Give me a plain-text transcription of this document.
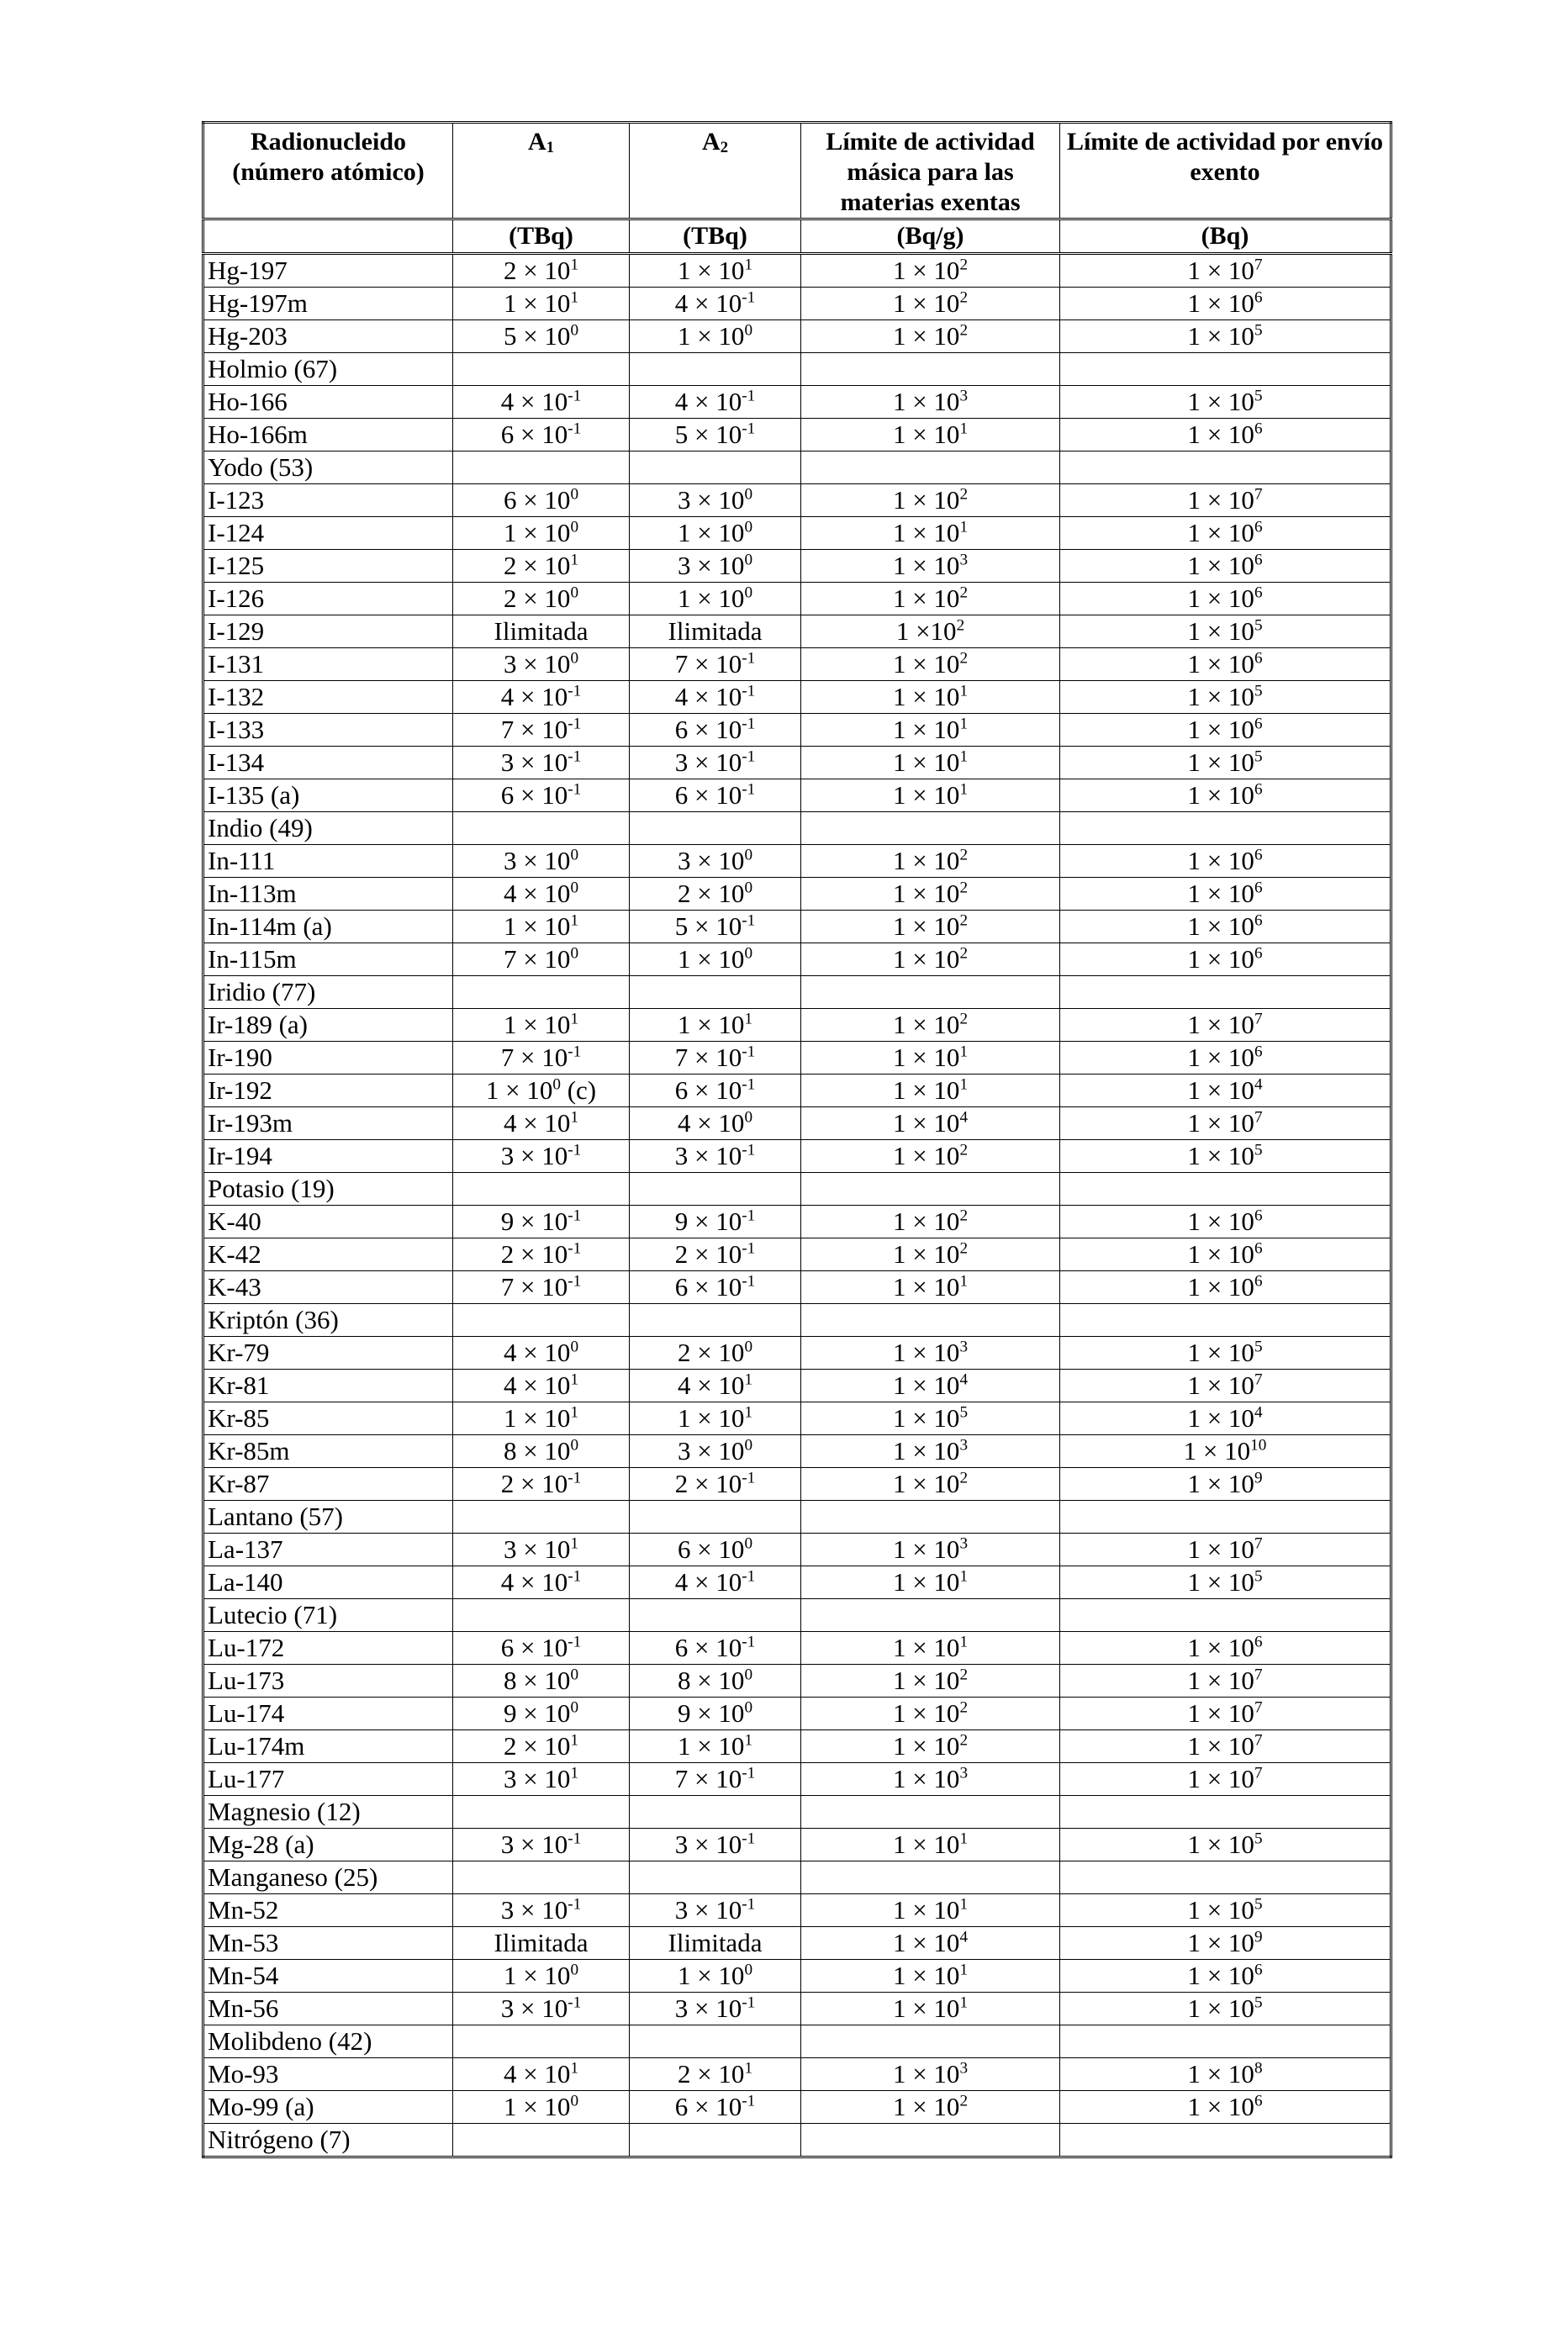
Radionucleido (número atómico)	A1	A2	Límite de actividad másica para las materias exentas	Límite de actividad por envío exento
	(TBq)	(TBq)	(Bq/g)	(Bq)
Hg-197	$2 \times 10^1$	$1 \times 10^1$	$1 \times 10^2$	$1 \times 10^7$
Hg-197m	$1 \times 10^1$	$4 \times 10^{-1}$	$1 \times 10^2$	$1 \times 10^6$
Hg-203	$5 \times 10^0$	$1 \times 10^0$	$1 \times 10^2$	$1 \times 10^5$
Holmio (67)				
Ho-166	$4 \times 10^{-1}$	$4 \times 10^{-1}$	$1 \times 10^3$	$1 \times 10^5$
Ho-166m	$6 \times 10^{-1}$	$5 \times 10^{-1}$	$1 \times 10^1$	$1 \times 10^6$
Yodo (53)				
I-123	$6 \times 10^0$	$3 \times 10^0$	$1 \times 10^2$	$1 \times 10^7$
I-124	$1 \times 10^0$	$1 \times 10^0$	$1 \times 10^1$	$1 \times 10^6$
I-125	$2 \times 10^1$	$3 \times 10^0$	$1 \times 10^3$	$1 \times 10^6$
I-126	$2 \times 10^0$	$1 \times 10^0$	$1 \times 10^2$	$1 \times 10^6$
I-129	Ilimitada	Ilimitada	$1 \times 10^2$	$1 \times 10^5$
I-131	$3 \times 10^0$	$7 \times 10^{-1}$	$1 \times 10^2$	$1 \times 10^6$
I-132	$4 \times 10^{-1}$	$4 \times 10^{-1}$	$1 \times 10^1$	$1 \times 10^5$
I-133	$7 \times 10^{-1}$	$6 \times 10^{-1}$	$1 \times 10^1$	$1 \times 10^6$
I-134	$3 \times 10^{-1}$	$3 \times 10^{-1}$	$1 \times 10^1$	$1 \times 10^5$
I-135 (a)	$6 \times 10^{-1}$	$6 \times 10^{-1}$	$1 \times 10^1$	$1 \times 10^6$
Indio (49)				
In-111	$3 \times 10^0$	$3 \times 10^0$	$1 \times 10^2$	$1 \times 10^6$
In-113m	$4 \times 10^0$	$2 \times 10^0$	$1 \times 10^2$	$1 \times 10^6$
In-114m (a)	$1 \times 10^1$	$5 \times 10^{-1}$	$1 \times 10^2$	$1 \times 10^6$
In-115m	$7 \times 10^0$	$1 \times 10^0$	$1 \times 10^2$	$1 \times 10^6$
Iridio (77)				
Ir-189 (a)	$1 \times 10^1$	$1 \times 10^1$	$1 \times 10^2$	$1 \times 10^7$
Ir-190	$7 \times 10^{-1}$	$7 \times 10^{-1}$	$1 \times 10^1$	$1 \times 10^6$
Ir-192	$1 \times 10^0$ (c)	$6 \times 10^{-1}$	$1 \times 10^1$	$1 \times 10^4$
Ir-193m	$4 \times 10^1$	$4 \times 10^0$	$1 \times 10^4$	$1 \times 10^7$
Ir-194	$3 \times 10^{-1}$	$3 \times 10^{-1}$	$1 \times 10^2$	$1 \times 10^5$
Potasio (19)				
K-40	$9 \times 10^{-1}$	$9 \times 10^{-1}$	$1 \times 10^2$	$1 \times 10^6$
K-42	$2 \times 10^{-1}$	$2 \times 10^{-1}$	$1 \times 10^2$	$1 \times 10^6$
K-43	$7 \times 10^{-1}$	$6 \times 10^{-1}$	$1 \times 10^1$	$1 \times 10^6$
Kriptón (36)				
Kr-79	$4 \times 10^0$	$2 \times 10^0$	$1 \times 10^3$	$1 \times 10^5$
Kr-81	$4 \times 10^1$	$4 \times 10^1$	$1 \times 10^4$	$1 \times 10^7$
Kr-85	$1 \times 10^1$	$1 \times 10^1$	$1 \times 10^5$	$1 \times 10^4$
Kr-85m	$8 \times 10^0$	$3 \times 10^0$	$1 \times 10^3$	$1 \times 10^{10}$
Kr-87	$2 \times 10^{-1}$	$2 \times 10^{-1}$	$1 \times 10^2$	$1 \times 10^9$
Lantano (57)				
La-137	$3 \times 10^1$	$6 \times 10^0$	$1 \times 10^3$	$1 \times 10^7$
La-140	$4 \times 10^{-1}$	$4 \times 10^{-1}$	$1 \times 10^1$	$1 \times 10^5$
Lutecio (71)				
Lu-172	$6 \times 10^{-1}$	$6 \times 10^{-1}$	$1 \times 10^1$	$1 \times 10^6$
Lu-173	$8 \times 10^0$	$8 \times 10^0$	$1 \times 10^2$	$1 \times 10^7$
Lu-174	$9 \times 10^0$	$9 \times 10^0$	$1 \times 10^2$	$1 \times 10^7$
Lu-174m	$2 \times 10^1$	$1 \times 10^1$	$1 \times 10^2$	$1 \times 10^7$
Lu-177	$3 \times 10^1$	$7 \times 10^{-1}$	$1 \times 10^3$	$1 \times 10^7$
Magnesio (12)				
Mg-28 (a)	$3 \times 10^{-1}$	$3 \times 10^{-1}$	$1 \times 10^1$	$1 \times 10^5$
Manganeso (25)				
Mn-52	$3 \times 10^{-1}$	$3 \times 10^{-1}$	$1 \times 10^1$	$1 \times 10^5$
Mn-53	Ilimitada	Ilimitada	$1 \times 10^4$	$1 \times 10^9$
Mn-54	$1 \times 10^0$	$1 \times 10^0$	$1 \times 10^1$	$1 \times 10^6$
Mn-56	$3 \times 10^{-1}$	$3 \times 10^{-1}$	$1 \times 10^1$	$1 \times 10^5$
Molibdeno (42)				
Mo-93	$4 \times 10^1$	$2 \times 10^1$	$1 \times 10^3$	$1 \times 10^8$
Mo-99 (a)	$1 \times 10^0$	$6 \times 10^{-1}$	$1 \times 10^2$	$1 \times 10^6$
Nitrógeno (7)				
